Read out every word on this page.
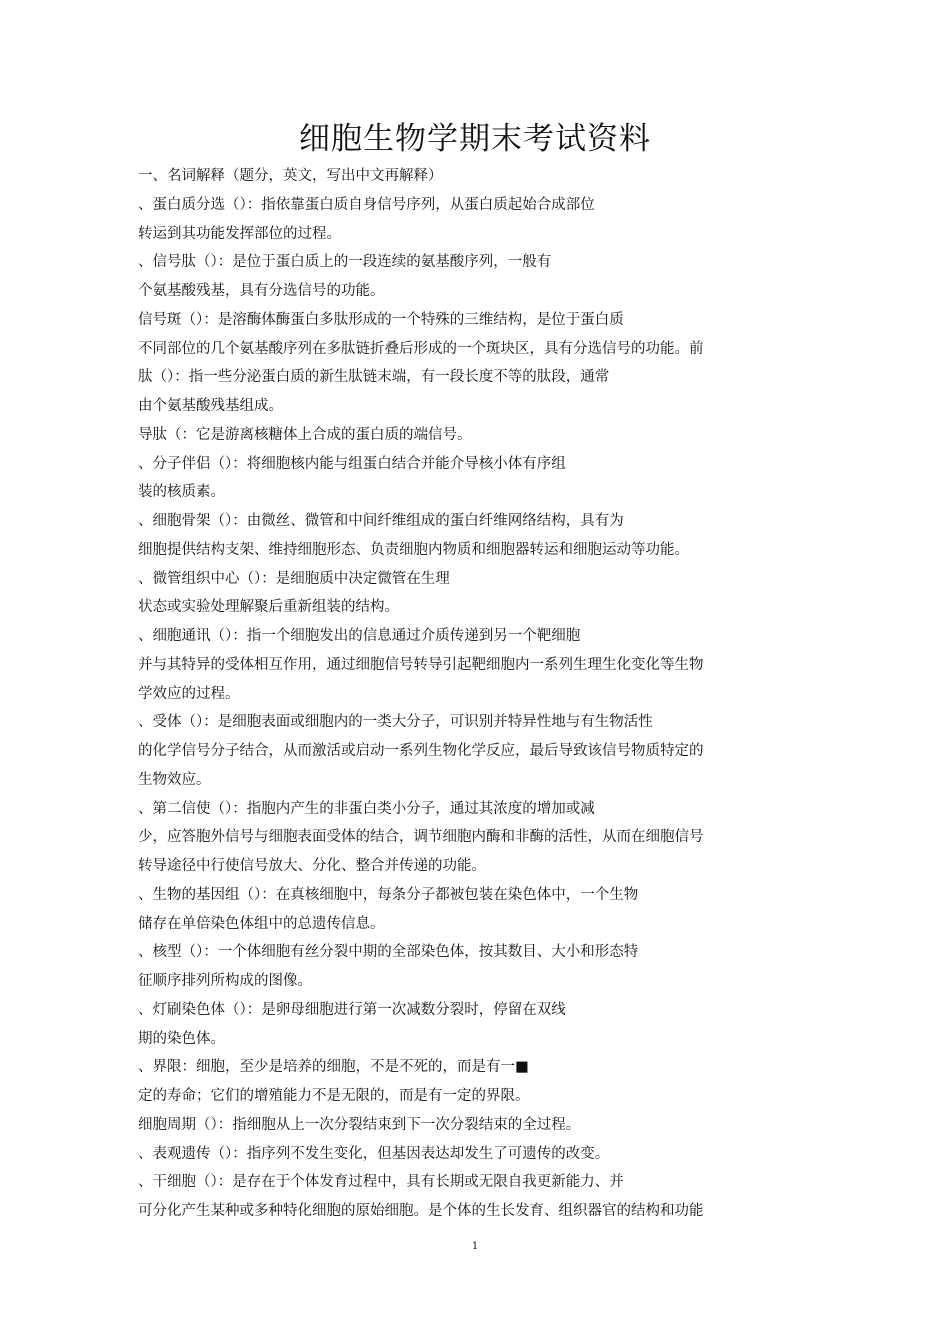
细胞生物学期末考试资料
一、名词解释（题分，英文，写出中文再解释）
、蛋白质分选（）：指依靠蛋白质自身信号序列，从蛋白质起始合成部位
转运到其功能发挥部位的过程。
、信号肽（）：是位于蛋白质上的一段连续的氨基酸序列，一般有
个氨基酸残基，具有分选信号的功能。
信号斑（）：是溶酶体酶蛋白多肽形成的一个特殊的三维结构，是位于蛋白质
不同部位的几个氨基酸序列在多肽链折叠后形成的一个斑块区，具有分选信号的功能。前
肽（）：指一些分泌蛋白质的新生肽链末端，有一段长度不等的肽段，通常
由个氨基酸残基组成。
导肽（：它是游离核糖体上合成的蛋白质的端信号。
、分子伴侣（）：将细胞核内能与组蛋白结合并能介导核小体有序组
装的核质素。
、细胞骨架（）：由微丝、微管和中间纤维组成的蛋白纤维网络结构，具有为
细胞提供结构支架、维持细胞形态、负责细胞内物质和细胞器转运和细胞运动等功能。
、微管组织中心（）：是细胞质中决定微管在生理
状态或实验处理解聚后重新组装的结构。
、细胞通讯（）：指一个细胞发出的信息通过介质传递到另一个靶细胞
并与其特异的受体相互作用，通过细胞信号转导引起靶细胞内一系列生理生化变化等生物
学效应的过程。
、受体（）：是细胞表面或细胞内的一类大分子，可识别并特异性地与有生物活性
的化学信号分子结合，从而激活或启动一系列生物化学反应，最后导致该信号物质特定的
生物效应。
、第二信使（）：指胞内产生的非蛋白类小分子，通过其浓度的增加或减
少，应答胞外信号与细胞表面受体的结合，调节细胞内酶和非酶的活性，从而在细胞信号
转导途径中行使信号放大、分化、整合并传递的功能。
、生物的基因组（）：在真核细胞中，每条分子都被包装在染色体中，一个生物
储存在单倍染色体组中的总遗传信息。
、核型（）：一个体细胞有丝分裂中期的全部染色体，按其数目、大小和形态特
征顺序排列所构成的图像。
、灯刷染色体（）：是卵母细胞进行第一次减数分裂时，停留在双线
期的染色体。
、界限：细胞，至少是培养的细胞，不是不死的，而是有一■
定的寿命；它们的增殖能力不是无限的，而是有一定的界限。
细胞周期（）：指细胞从上一次分裂结束到下一次分裂结束的全过程。
、表观遗传（）：指序列不发生变化，但基因表达却发生了可遗传的改变。
、干细胞（）：是存在于个体发育过程中，具有长期或无限自我更新能力、并
可分化产生某种或多种特化细胞的原始细胞。是个体的生长发育、组织器官的结构和功能
1
